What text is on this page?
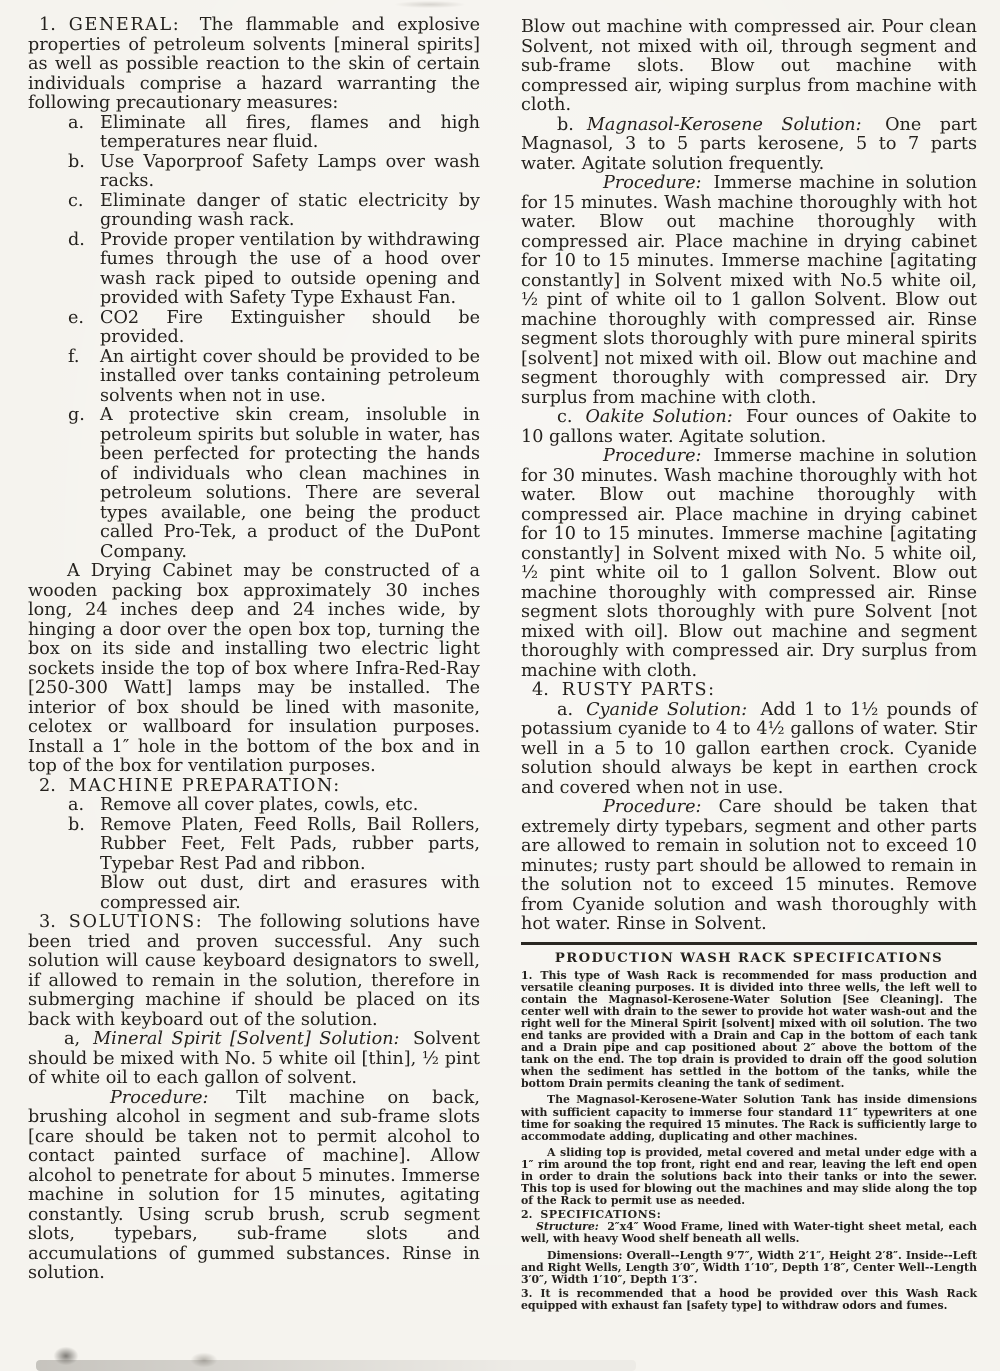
1. GENERAL: The flammable and explosive properties of petroleum solvents [mineral spirits] as well as possible reaction to the skin of certain individuals comprise a hazard warranting the following precautionary measures:

a. Eliminate all fires, flames and high temperatures near fluid.

b. Use Vaporproof Safety Lamps over wash racks.

c. Eliminate danger of static electricity by grounding wash rack.

d. Provide proper ventilation by withdrawing fumes through the use of a hood over wash rack piped to outside opening and provided with Safety Type Exhaust Fan.

e. CO2 Fire Extinguisher should be provided.

f. An airtight cover should be provided to be installed over tanks containing petroleum solvents when not in use.

g. A protective skin cream, insoluble in petroleum spirits but soluble in water, has been perfected for protecting the hands of individuals who clean machines in petroleum solutions. There are several types available, one being the product called Pro-Tek, a product of the DuPont Company.

A Drying Cabinet may be constructed of a wooden packing box approximately 30 inches long, 24 inches deep and 24 inches wide, by hinging a door over the open box top, turning the box on its side and installing two electric light sockets inside the top of box where Infra-Red-Ray [250-300 Watt] lamps may be installed. The interior of box should be lined with masonite, celotex or wallboard for insulation purposes. Install a 1″ hole in the bottom of the box and in top of the box for ventilation purposes.

2. MACHINE PREPARATION:

a. Remove all cover plates, cowls, etc.

b. Remove Platen, Feed Rolls, Bail Rollers, Rubber Feet, Felt Pads, rubber parts, Typebar Rest Pad and ribbon.

Blow out dust, dirt and erasures with compressed air.

3. SOLUTIONS: The following solutions have been tried and proven successful. Any such solution will cause keyboard designators to swell, if allowed to remain in the solution, therefore in submerging machine if should be placed on its back with keyboard out of the solution.

a, Mineral Spirit [Solvent] Solution: Solvent should be mixed with No. 5 white oil [thin], ½ pint of white oil to each gallon of solvent.

Procedure: Tilt machine on back, brushing alcohol in segment and sub-frame slots [care should be taken not to permit alcohol to contact painted surface of machine]. Allow alcohol to penetrate for about 5 minutes. Immerse machine in solution for 15 minutes, agitating constantly. Using scrub brush, scrub segment slots, typebars, sub-frame slots and accumulations of gummed substances. Rinse in solution.

Blow out machine with compressed air. Pour clean Solvent, not mixed with oil, through segment and sub-frame slots. Blow out machine with compressed air, wiping surplus from machine with cloth.

b. Magnasol-Kerosene Solution: One part Magnasol, 3 to 5 parts kerosene, 5 to 7 parts water. Agitate solution frequently.

Procedure: Immerse machine in solution for 15 minutes. Wash machine thoroughly with hot water. Blow out machine thoroughly with compressed air. Place machine in drying cabinet for 10 to 15 minutes. Immerse machine [agitating constantly] in Solvent mixed with No.5 white oil, ½ pint of white oil to 1 gallon Solvent. Blow out machine thoroughly with compressed air. Rinse segment slots thoroughly with pure mineral spirits [solvent] not mixed with oil. Blow out machine and segment thoroughly with compressed air. Dry surplus from machine with cloth.

c. Oakite Solution: Four ounces of Oakite to 10 gallons water. Agitate solution.

Procedure: Immerse machine in solution for 30 minutes. Wash machine thoroughly with hot water. Blow out machine thoroughly with compressed air. Place machine in drying cabinet for 10 to 15 minutes. Immerse machine [agitating constantly] in Solvent mixed with No. 5 white oil, ½ pint white oil to 1 gallon Solvent. Blow out machine thoroughly with compressed air. Rinse segment slots thoroughly with pure Solvent [not mixed with oil]. Blow out machine and segment thoroughly with compressed air. Dry surplus from machine with cloth.

4. RUSTY PARTS:

a. Cyanide Solution: Add 1 to 1½ pounds of potassium cyanide to 4 to 4½ gallons of water. Stir well in a 5 to 10 gallon earthen crock. Cyanide solution should always be kept in earthen crock and covered when not in use.

Procedure: Care should be taken that extremely dirty typebars, segment and other parts are allowed to remain in solution not to exceed 10 minutes; rusty part should be allowed to remain in the solution not to exceed 15 minutes. Remove from Cyanide solution and wash thoroughly with hot water. Rinse in Solvent.

PRODUCTION WASH RACK SPECIFICATIONS

1. This type of Wash Rack is recommended for mass production and versatile cleaning purposes. It is divided into three wells, the left well to contain the Magnasol-Kerosene-Water Solution [See Cleaning]. The center well with drain to the sewer to provide hot water wash-out and the right well for the Mineral Spirit [solvent] mixed with oil solution. The two end tanks are provided with a Drain and Cap in the bottom of each tank and a Drain pipe and cap positioned about 2″ above the bottom of the tank on the end. The top drain is provided to drain off the good solution when the sediment has settled in the bottom of the tanks, while the bottom Drain permits cleaning the tank of sediment.

The Magnasol-Kerosene-Water Solution Tank has inside dimensions with sufficient capacity to immerse four standard 11″ typewriters at one time for soaking the required 15 minutes. The Rack is sufficiently large to accommodate adding, duplicating and other machines.

A sliding top is provided, metal covered and metal under edge with a 1″ rim around the top front, right end and rear, leaving the left end open in order to drain the solutions back into their tanks or into the sewer. This top is used for blowing out the machines and may slide along the top of the Rack to permit use as needed.

2. SPECIFICATIONS:

Structure: 2″x4″ Wood Frame, lined with Water-tight sheet metal, each well, with heavy Wood shelf beneath all wells.

Dimensions: Overall--Length 9′7″, Width 2′1″, Height 2′8″. Inside--Left and Right Wells, Length 3′0″, Width 1′10″, Depth 1′8″, Center Well--Length 3′0″, Width 1′10″, Depth 1′3″.

3. It is recommended that a hood be provided over this Wash Rack equipped with exhaust fan [safety type] to withdraw odors and fumes.
